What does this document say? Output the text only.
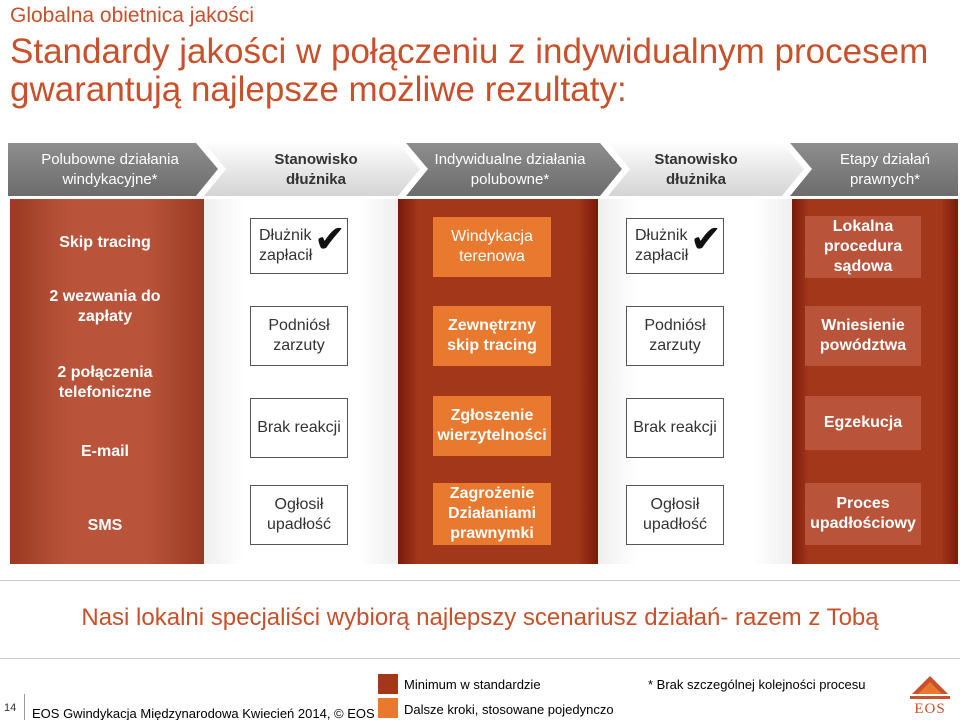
Globalna obietnica jakości
Standardy jakości w połączeniu z indywidualnym procesem gwarantują najlepsze możliwe rezultaty:
Polubowne działania windykacyjne*
Stanowisko dłużnika
Indywidualne działania polubowne*
Stanowisko dłużnika
Etapy działań prawnych*
Skip tracing
2 wezwania do zapłaty
2 połączenia telefoniczne
E-mail
SMS
Dłużnik zapłacił ✔
Podniósł zarzuty
Brak reakcji
Ogłosił upadłość
Windykacja terenowa
Zewnętrzny skip tracing
Zgłoszenie wierzytelności
Zagrożenie Działaniami prawnymki
Dłużnik zapłacił ✔
Podniósł zarzuty
Brak reakcji
Ogłosił upadłość
Lokalna procedura sądowa
Wniesienie powództwa
Egzekucja
Proces upadłościowy
Nasi lokalni specjaliści wybiorą najlepszy scenariusz działań- razem z Tobą
Minimum w standardzie
Dalsze kroki, stosowane pojedynczo
* Brak szczególnej kolejności procesu
14 EOS Gwindykacja Międzynarodowa Kwiecień 2014, © EOS	EOS
